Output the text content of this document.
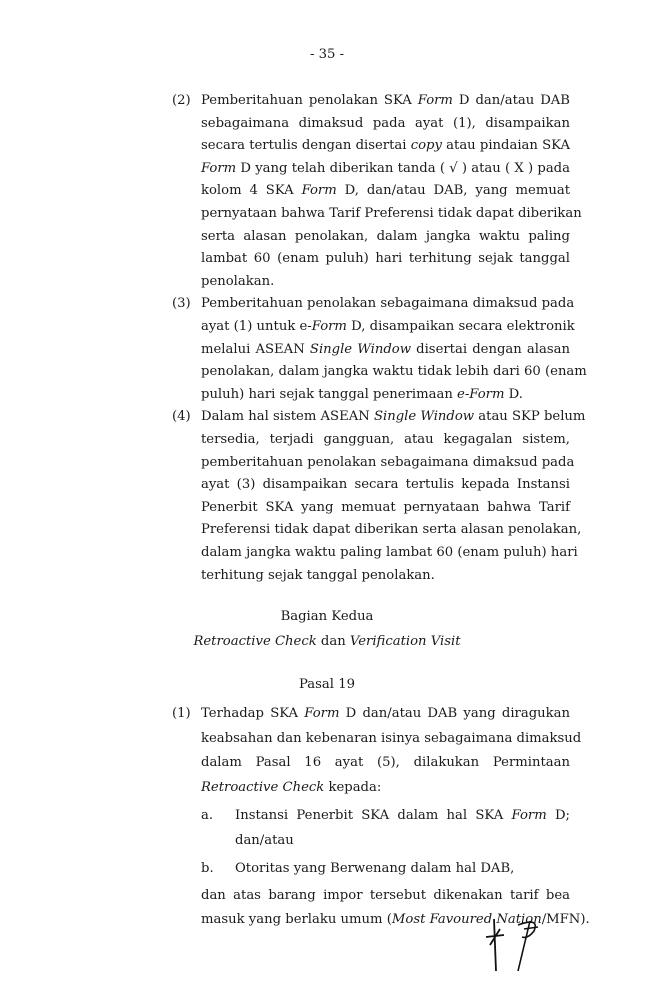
- 35 -
(2) Pemberitahuan penolakan SKA Form D dan/atau DAB
sebagaimana dimaksud pada ayat (1), disampaikan
secara tertulis dengan disertai copy atau pindaian SKA
Form D yang telah diberikan tanda ( √ ) atau ( X ) pada
kolom 4 SKA Form D, dan/atau DAB, yang memuat
pernyataan bahwa Tarif Preferensi tidak dapat diberikan
serta alasan penolakan, dalam jangka waktu paling
lambat 60 (enam puluh) hari terhitung sejak tanggal
penolakan.
(3) Pemberitahuan penolakan sebagaimana dimaksud pada
ayat (1) untuk e-Form D, disampaikan secara elektronik
melalui ASEAN Single Window disertai dengan alasan
penolakan, dalam jangka waktu tidak lebih dari 60 (enam
puluh) hari sejak tanggal penerimaan e-Form D.
(4) Dalam hal sistem ASEAN Single Window atau SKP belum
tersedia, terjadi gangguan, atau kegagalan sistem,
pemberitahuan penolakan sebagaimana dimaksud pada
ayat (3) disampaikan secara tertulis kepada Instansi
Penerbit SKA yang memuat pernyataan bahwa Tarif
Preferensi tidak dapat diberikan serta alasan penolakan,
dalam jangka waktu paling lambat 60 (enam puluh) hari
terhitung sejak tanggal penolakan.
(1) Terhadap SKA Form D dan/atau DAB yang diragukan
keabsahan dan kebenaran isinya sebagaimana dimaksud
dalam Pasal 16 ayat (5), dilakukan Permintaan
Retroactive Check kepada:
a. Instansi Penerbit SKA dalam hal SKA Form D;
dan/atau
b. Otoritas yang Berwenang dalam hal DAB,
dan atas barang impor tersebut dikenakan tarif bea
masuk yang berlaku umum (Most Favoured Nation/MFN).
Bagian Kedua
Retroactive Check dan Verification Visit
Pasal 19
